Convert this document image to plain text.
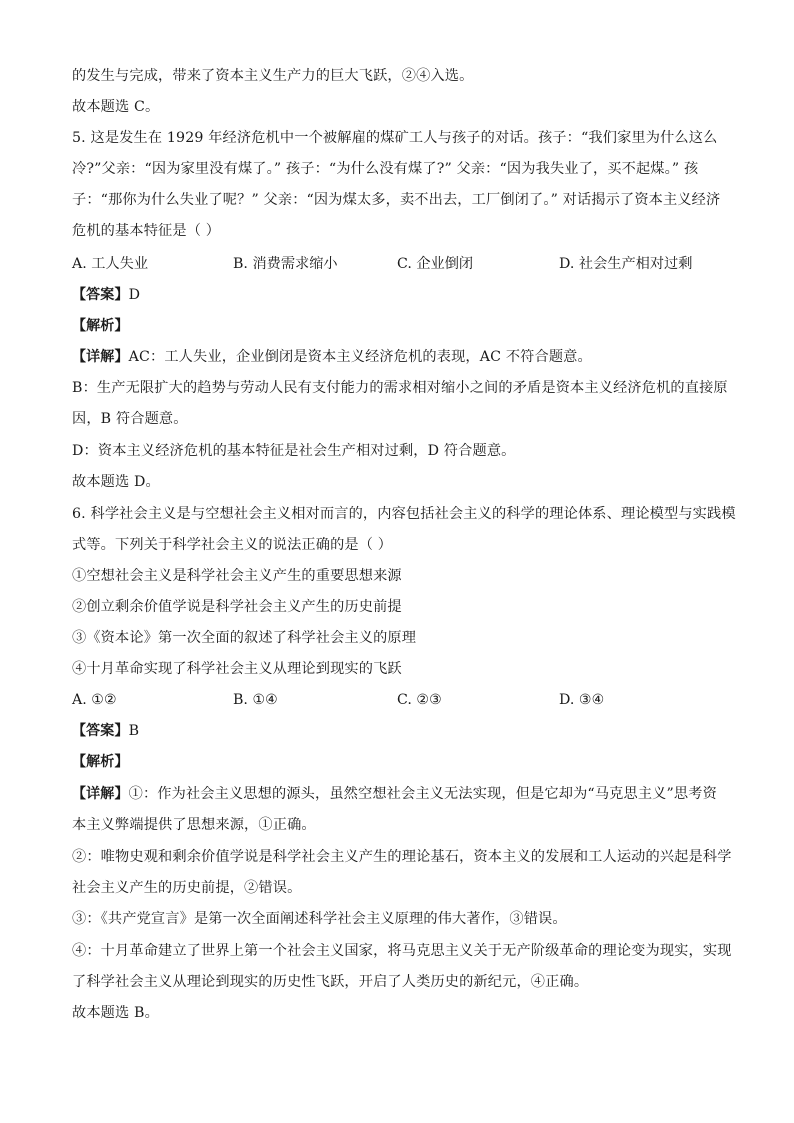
的发生与完成，带来了资本主义生产力的巨大飞跃，②④入选。
故本题选 C。
5. 这是发生在 1929 年经济危机中一个被解雇的煤矿工人与孩子的对话。孩子：“我们家里为什么这么
冷?”父亲：“因为家里没有煤了。” 孩子：“为什么没有煤了?” 父亲：“因为我失业了，买不起煤。” 孩
子：“那你为什么失业了呢？” 父亲：“因为煤太多，卖不出去，工厂倒闭了。” 对话揭示了资本主义经济
危机的基本特征是（ ）
A. 工人失业	B. 消费需求缩小	C. 企业倒闭	D. 社会生产相对过剩
【答案】D
【解析】
【详解】AC：工人失业，企业倒闭是资本主义经济危机的表现，AC 不符合题意。
B：生产无限扩大的趋势与劳动人民有支付能力的需求相对缩小之间的矛盾是资本主义经济危机的直接原
因，B 符合题意。
D：资本主义经济危机的基本特征是社会生产相对过剩，D 符合题意。
故本题选 D。
6. 科学社会主义是与空想社会主义相对而言的，内容包括社会主义的科学的理论体系、理论模型与实践模
式等。下列关于科学社会主义的说法正确的是（ ）
①空想社会主义是科学社会主义产生的重要思想来源
②创立剩余价值学说是科学社会主义产生的历史前提
③《资本论》第一次全面的叙述了科学社会主义的原理
④十月革命实现了科学社会主义从理论到现实的飞跃
A. ①②	B. ①④	C. ②③	D. ③④
【答案】B
【解析】
【详解】①：作为社会主义思想的源头，虽然空想社会主义无法实现，但是它却为“马克思主义”思考资
本主义弊端提供了思想来源，①正确。
②：唯物史观和剩余价值学说是科学社会主义产生的理论基石，资本主义的发展和工人运动的兴起是科学
社会主义产生的历史前提，②错误。
③：《共产党宣言》是第一次全面阐述科学社会主义原理的伟大著作，③错误。
④：十月革命建立了世界上第一个社会主义国家，将马克思主义关于无产阶级革命的理论变为现实，实现
了科学社会主义从理论到现实的历史性飞跃，开启了人类历史的新纪元，④正确。
故本题选 B。
